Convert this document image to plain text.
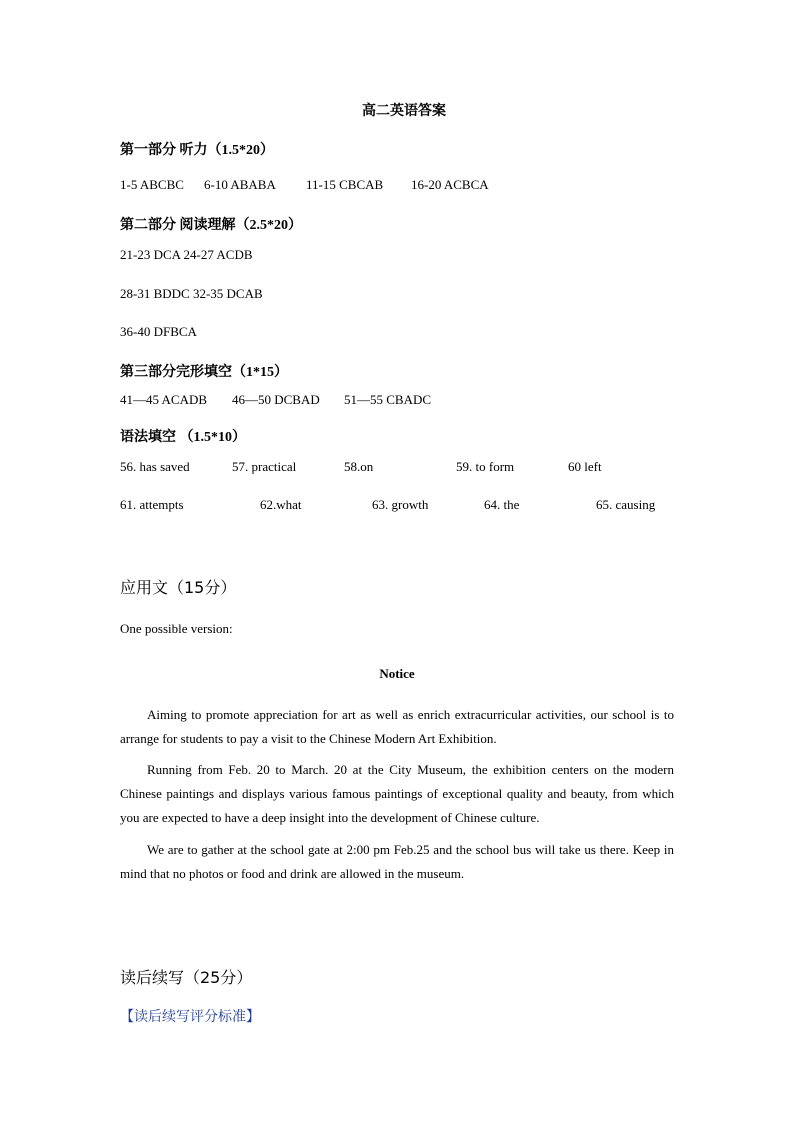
高二英语答案
第一部分 听力（1.5*20）
1-5 ABCBC 6-10 ABABA 11-15 CBCAB 16-20 ACBCA
第二部分 阅读理解（2.5*20）
21-23 DCA 24-27 ACDB
28-31 BDDC 32-35 DCAB
36-40 DFBCA
第三部分完形填空（1*15）
41—45 ACADB 46—50 DCBAD 51—55 CBADC
语法填空 （1.5*10）
56. has saved	57. practical	58.on	59. to form	60 left
61. attempts	62.what	63. growth	64. the	65. causing
应用文（15分）
One possible version:
Notice

Aiming to promote appreciation for art as well as enrich extracurricular activities, our school is to arrange for students to pay a visit to the Chinese Modern Art Exhibition.

Running from Feb. 20 to March. 20 at the City Museum, the exhibition centers on the modern Chinese paintings and displays various famous paintings of exceptional quality and beauty, from which you are expected to have a deep insight into the development of Chinese culture.

We are to gather at the school gate at 2:00 pm Feb.25 and the school bus will take us there. Keep in mind that no photos or food and drink are allowed in the museum.

读后续写（25分）
【读后续写评分标准】
